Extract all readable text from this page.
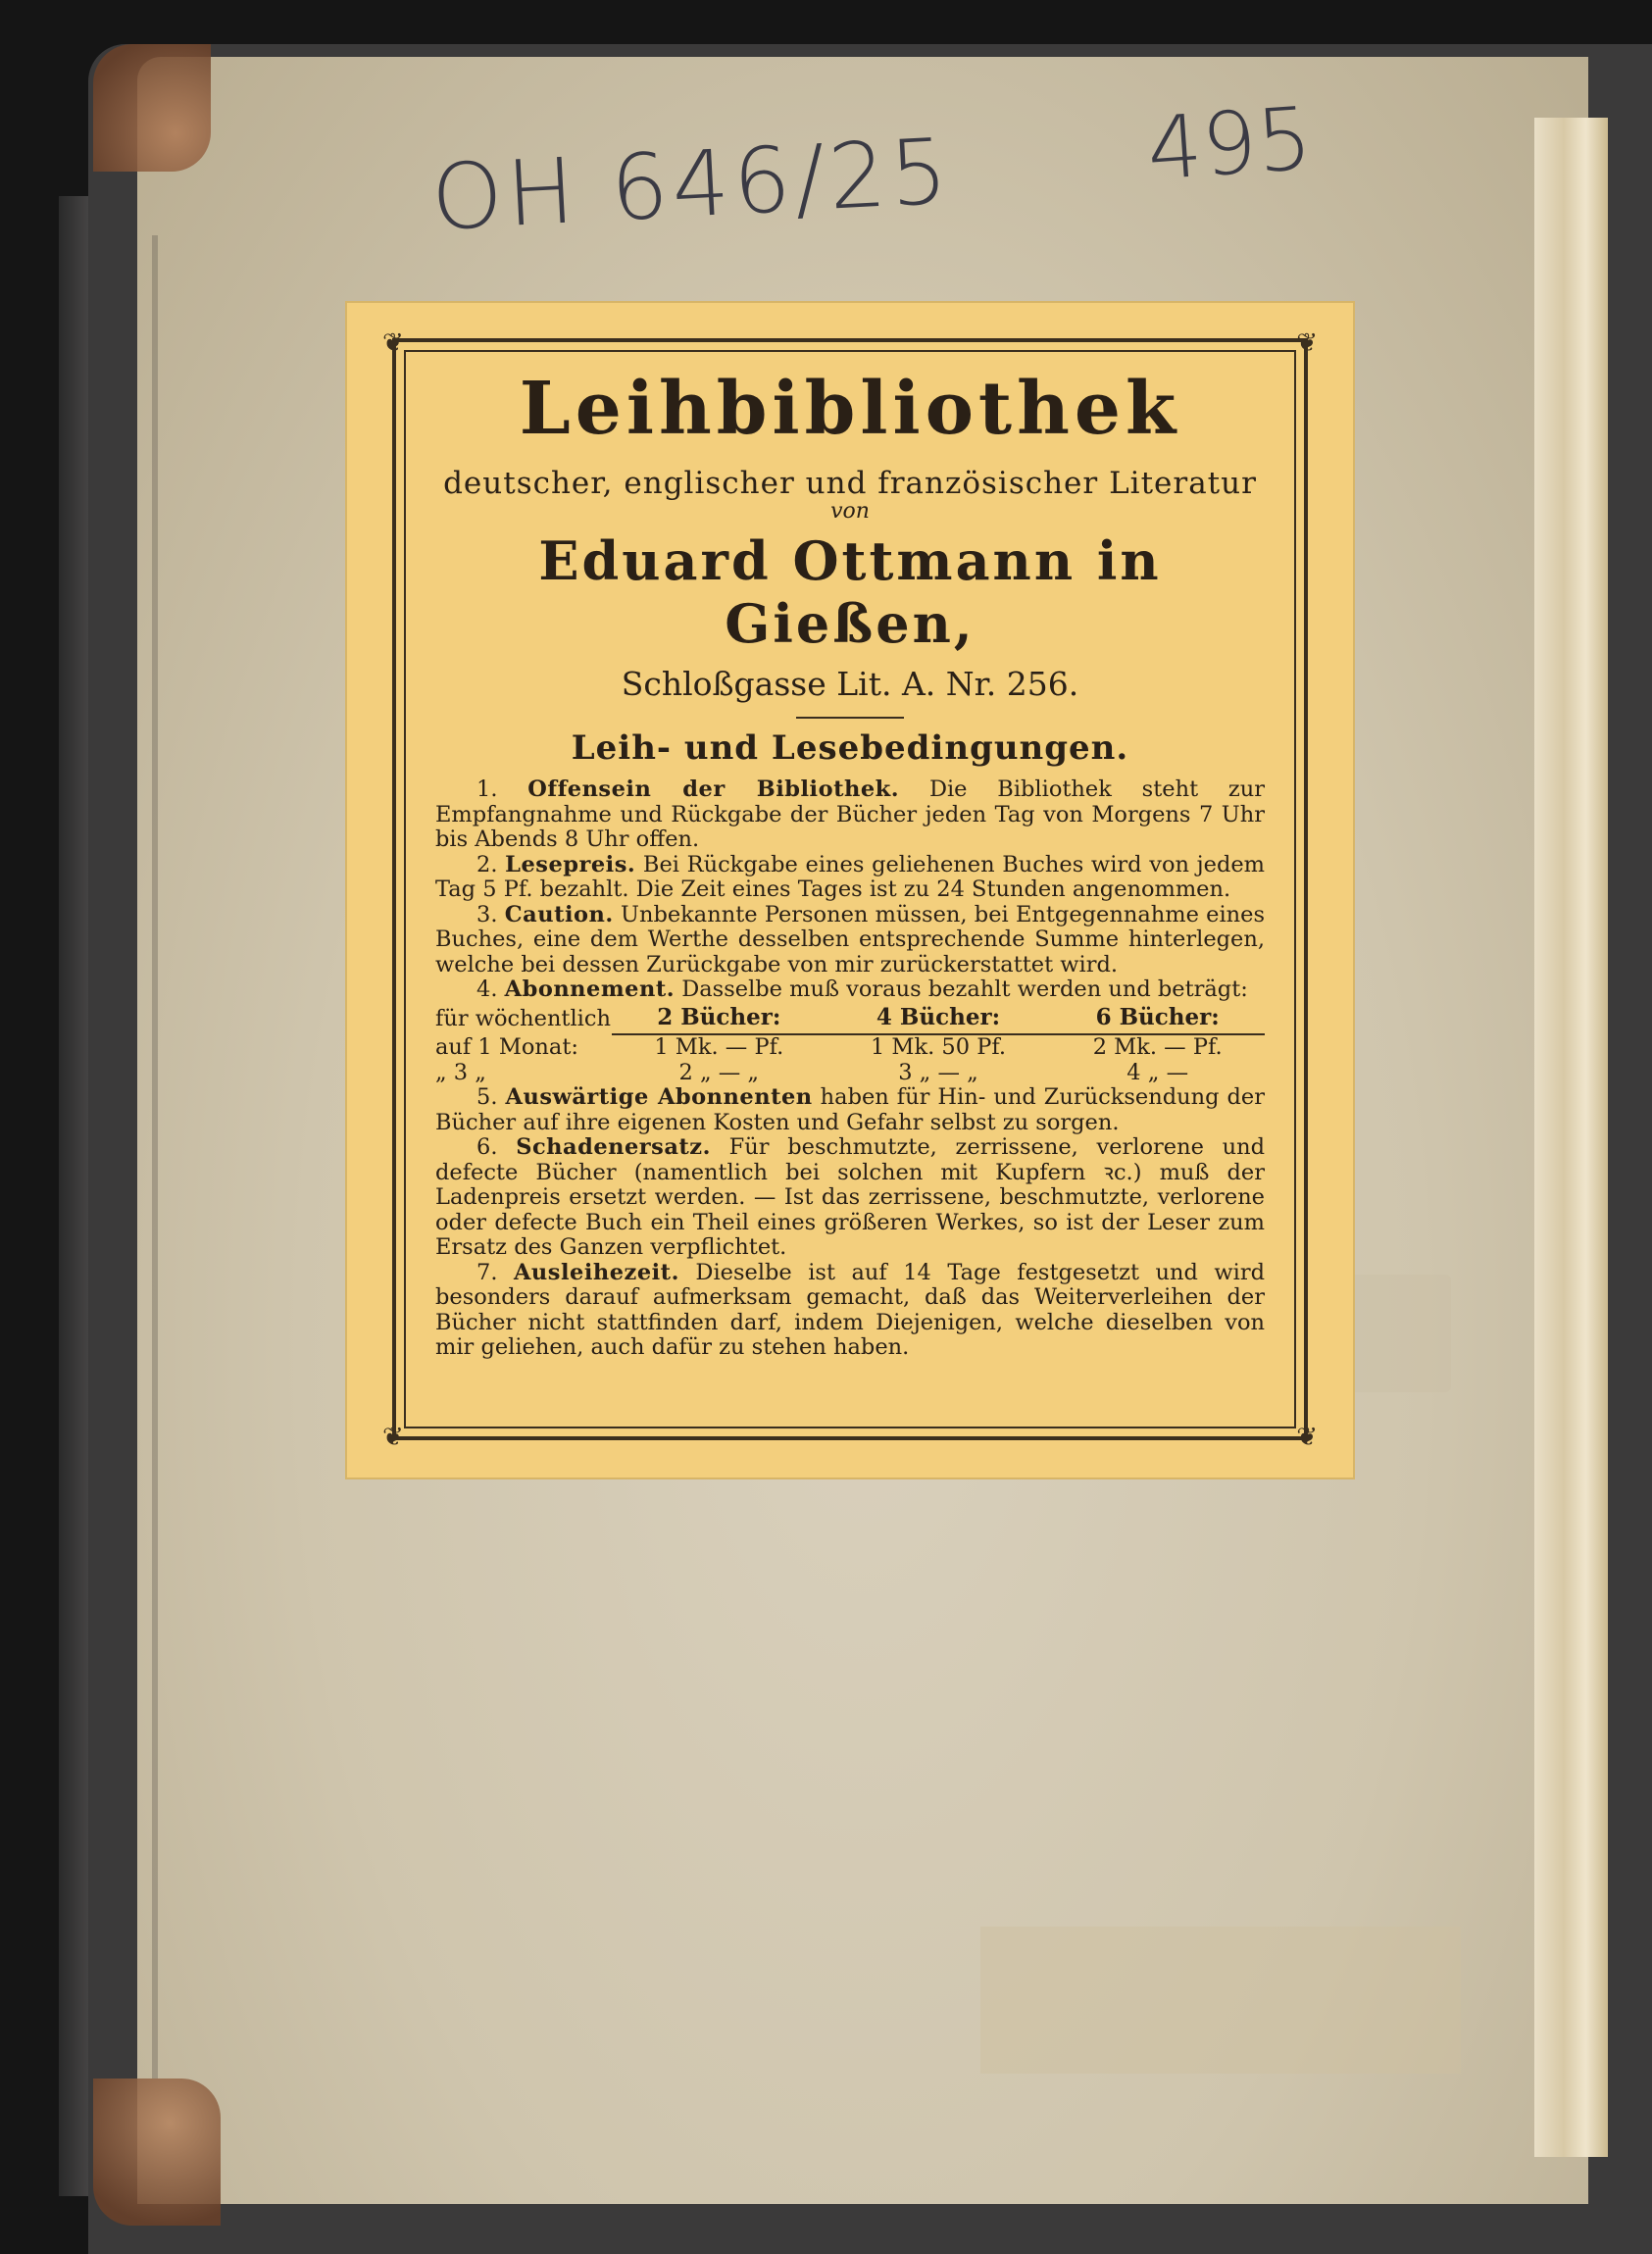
OH 646/25 495
❦	❦
❦	❦
Leihbibliothek
deutscher, englischer und französischer Literatur
von
Eduard Ottmann in Gießen,
Schloßgasse Lit. A. Nr. 256.
Leih- und Lesebedingungen.

1. Offensein der Bibliothek. Die Bibliothek steht zur Empfangnahme und Rückgabe der Bücher jeden Tag von Morgens 7 Uhr bis Abends 8 Uhr offen.

2. Lesepreis. Bei Rückgabe eines geliehenen Buches wird von jedem Tag 5 Pf. bezahlt. Die Zeit eines Tages ist zu 24 Stunden angenommen.

3. Caution. Unbekannte Personen müssen, bei Entgegennahme eines Buches, eine dem Werthe desselben entsprechende Summe hinterlegen, welche bei dessen Zurückgabe von mir zurückerstattet wird.

4. Abonnement. Dasselbe muß voraus bezahlt werden und beträgt:

für wöchentlich	2 Bücher:	4 Bücher:	6 Bücher:
auf 1 Monat:	1 Mk. — Pf.	1 Mk. 50 Pf.	2 Mk. — Pf.
„ 3 „	2 „ — „	3 „ — „	4 „ —

5. Auswärtige Abonnenten haben für Hin- und Zurücksendung der Bücher auf ihre eigenen Kosten und Gefahr selbst zu sorgen.

6. Schadenersatz. Für beschmutzte, zerrissene, verlorene und defecte Bücher (namentlich bei solchen mit Kupfern ꝛc.) muß der Ladenpreis ersetzt werden. — Ist das zerrissene, beschmutzte, verlorene oder defecte Buch ein Theil eines größeren Werkes, so ist der Leser zum Ersatz des Ganzen verpflichtet.

7. Ausleihezeit. Dieselbe ist auf 14 Tage festgesetzt und wird besonders darauf aufmerksam gemacht, daß das Weiterverleihen der Bücher nicht stattfinden darf, indem Diejenigen, welche dieselben von mir geliehen, auch dafür zu stehen haben.
